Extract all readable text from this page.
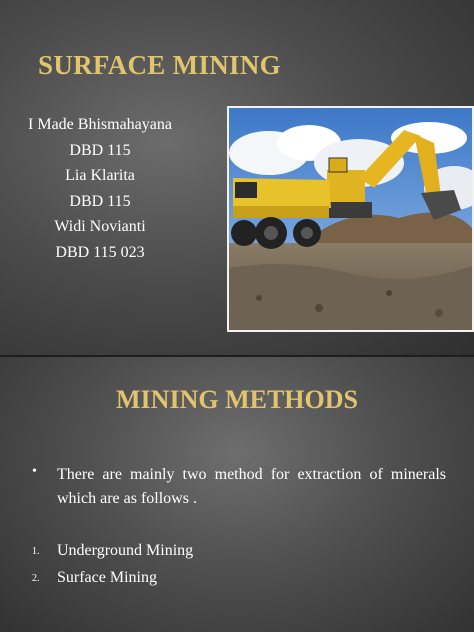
SURFACE MINING
I Made Bhismahayana
DBD 115
Lia Klarita
DBD 115
Widi Novianti
DBD 115 023
MINING METHODS
• There are mainly two method for extraction of minerals which are as follows .
1. Underground Mining
2. Surface Mining
